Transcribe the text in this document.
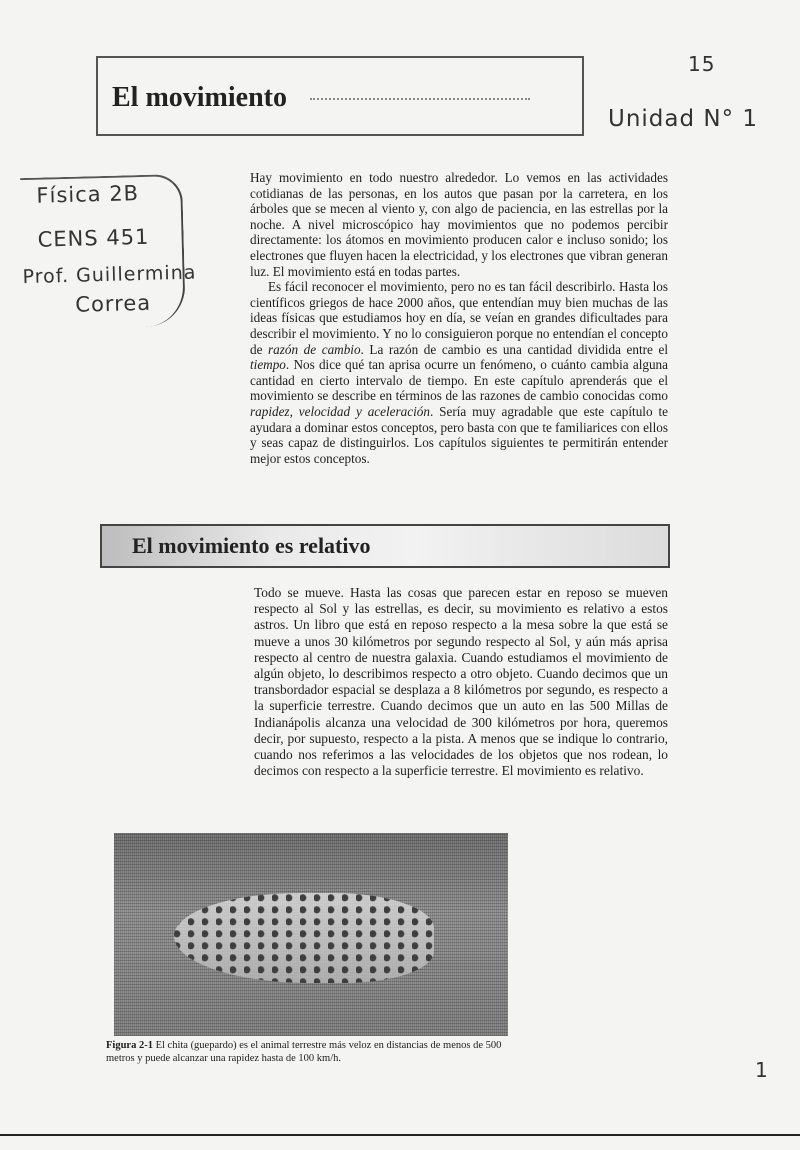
El movimiento
15
Unidad N° 1
Física 2B
CENS 451
Prof. Guillermina
Correa

Hay movimiento en todo nuestro alrededor. Lo vemos en las actividades cotidianas de las personas, en los autos que pasan por la carretera, en los árboles que se mecen al viento y, con algo de paciencia, en las estrellas por la noche. A nivel microscópico hay movimientos que no podemos percibir directamente: los átomos en movimiento producen calor e incluso sonido; los electrones que fluyen hacen la electricidad, y los electrones que vibran generan luz. El movimiento está en todas partes.

Es fácil reconocer el movimiento, pero no es tan fácil describirlo. Hasta los científicos griegos de hace 2000 años, que entendían muy bien muchas de las ideas físicas que estudiamos hoy en día, se veían en grandes dificultades para describir el movimiento. Y no lo consiguieron porque no entendían el concepto de razón de cambio. La razón de cambio es una cantidad dividida entre el tiempo. Nos dice qué tan aprisa ocurre un fenómeno, o cuánto cambia alguna cantidad en cierto intervalo de tiempo. En este capítulo aprenderás que el movimiento se describe en términos de las razones de cambio conocidas como rapidez, velocidad y aceleración. Sería muy agradable que este capítulo te ayudara a dominar estos conceptos, pero basta con que te familiarices con ellos y seas capaz de distinguirlos. Los capítulos siguientes te permitirán entender mejor estos conceptos.

El movimiento es relativo

Todo se mueve. Hasta las cosas que parecen estar en reposo se mueven respecto al Sol y las estrellas, es decir, su movimiento es relativo a estos astros. Un libro que está en reposo respecto a la mesa sobre la que está se mueve a unos 30 kilómetros por segundo respecto al Sol, y aún más aprisa respecto al centro de nuestra galaxia. Cuando estudiamos el movimiento de algún objeto, lo describimos respecto a otro objeto. Cuando decimos que un transbordador espacial se desplaza a 8 kilómetros por segundo, es respecto a la superficie terrestre. Cuando decimos que un auto en las 500 Millas de Indianápolis alcanza una velocidad de 300 kilómetros por hora, queremos decir, por supuesto, respecto a la pista. A menos que se indique lo contrario, cuando nos referimos a las velocidades de los objetos que nos rodean, lo decimos con respecto a la superficie terrestre. El movimiento es relativo.

Figura 2-1 El chita (guepardo) es el animal terrestre más veloz en distancias de menos de 500 metros y puede alcanzar una rapidez hasta de 100 km/h.	1
